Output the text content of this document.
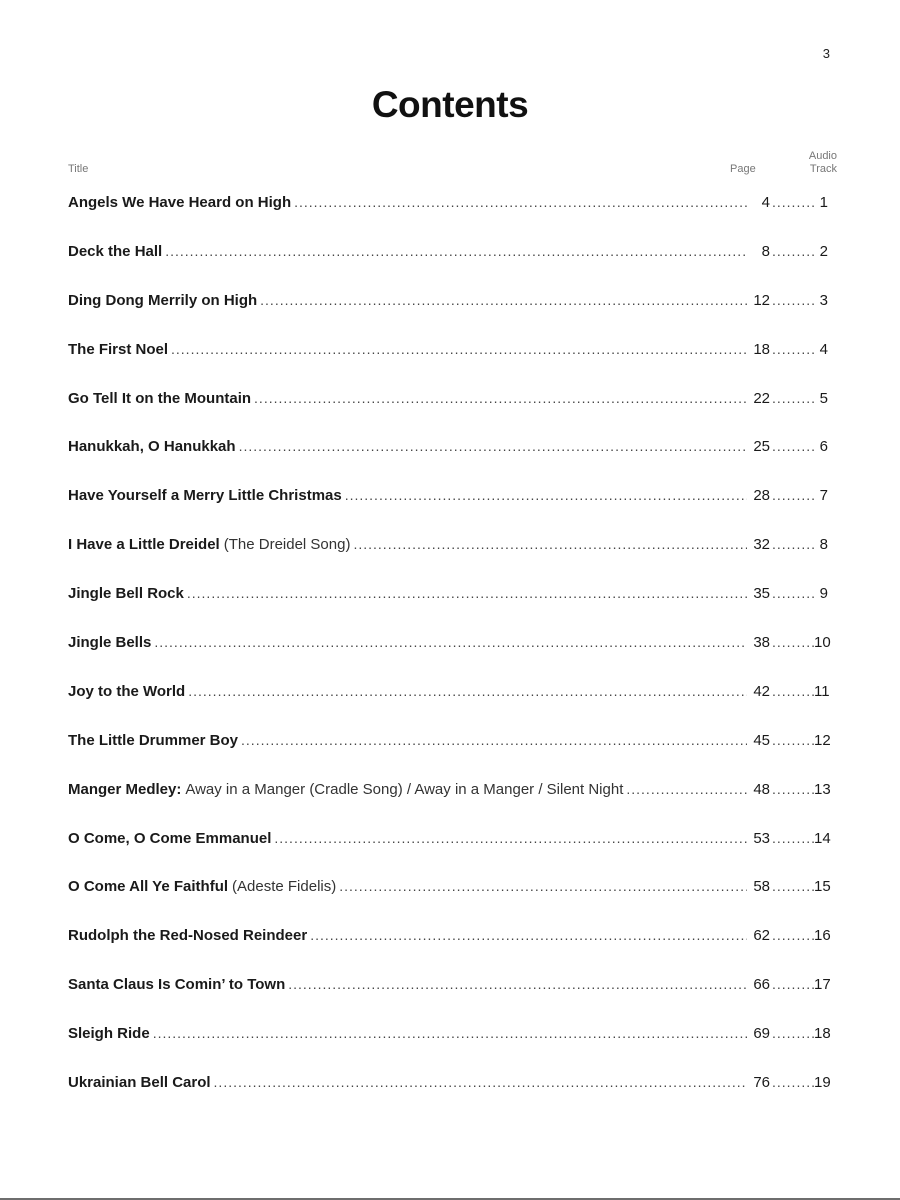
3
Contents
Title	Page
Audio
Track
Angels We Have Heard on High .....	4 .....	1
Deck the Hall .....	8 .....	2
Ding Dong Merrily on High .....	12 .....	3
The First Noel .....	18 .....	4
Go Tell It on the Mountain .....	22 .....	5
Hanukkah, O Hanukkah .....	25 .....	6
Have Yourself a Merry Little Christmas .....	28 .....	7
I Have a Little Dreidel (The Dreidel Song) .....	32 .....	8
Jingle Bell Rock .....	35 .....	9
Jingle Bells .....	38 .....	10
Joy to the World .....	42 .....	11
The Little Drummer Boy .....	45 .....	12
Manger Medley: Away in a Manger (Cradle Song) / Away in a Manger / Silent Night .....	48 .....	13
O Come, O Come Emmanuel .....	53 .....	14
O Come All Ye Faithful (Adeste Fidelis) .....	58 .....	15
Rudolph the Red-Nosed Reindeer .....	62 .....	16
Santa Claus Is Comin’ to Town .....	66 .....	17
Sleigh Ride .....	69 .....	18
Ukrainian Bell Carol .....	76 .....	19
